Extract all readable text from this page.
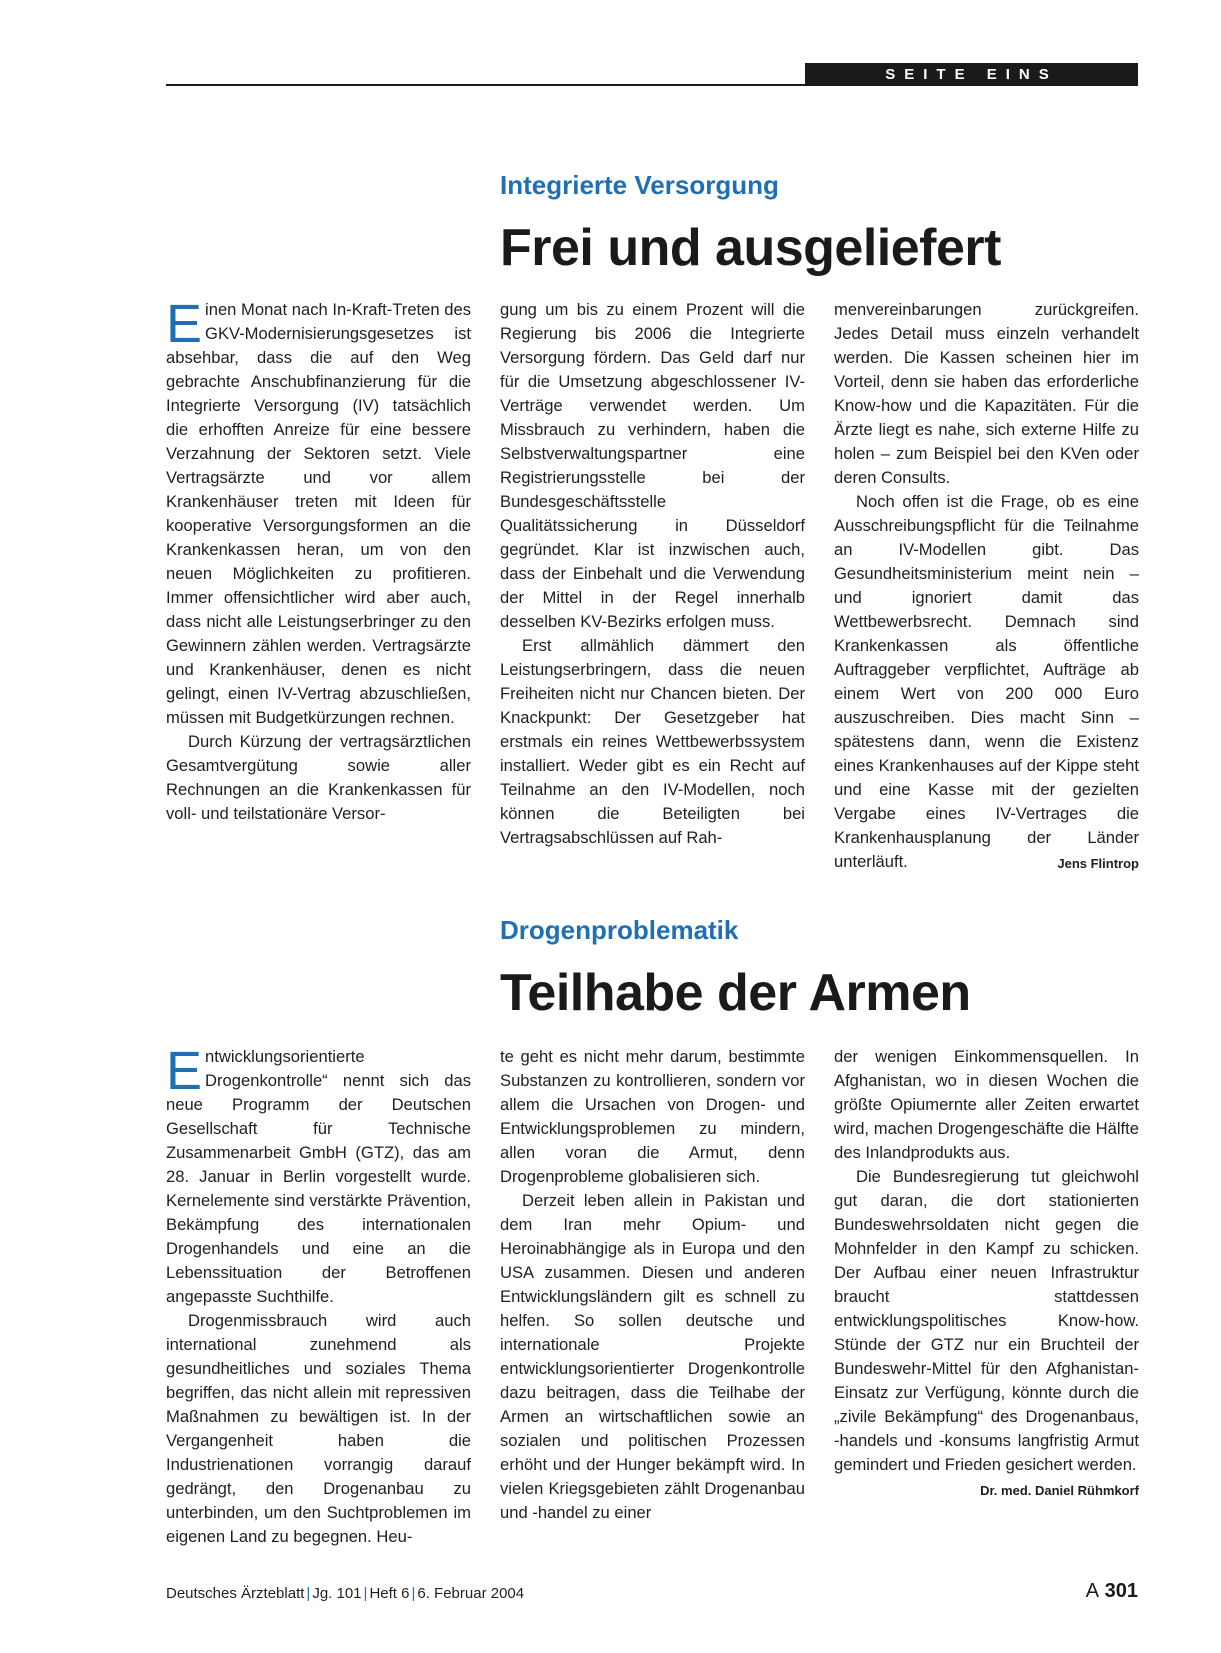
SEITE EINS
Integrierte Versorgung
Frei und ausgeliefert

Einen Monat nach In-Kraft-Treten des GKV-Modernisierungsgesetzes ist absehbar, dass die auf den Weg gebrachte Anschubfinanzierung für die Integrierte Versorgung (IV) tatsächlich die erhofften Anreize für eine bessere Verzahnung der Sektoren setzt. Viele Vertragsärzte und vor allem Krankenhäuser treten mit Ideen für kooperative Versorgungsformen an die Krankenkassen heran, um von den neuen Möglichkeiten zu profitieren. Immer offensichtlicher wird aber auch, dass nicht alle Leistungserbringer zu den Gewinnern zählen werden. Vertragsärzte und Krankenhäuser, denen es nicht gelingt, einen IV-Vertrag abzuschließen, müssen mit Budgetkürzungen rechnen.

Durch Kürzung der vertragsärztlichen Gesamtvergütung sowie aller Rechnungen an die Krankenkassen für voll- und teilstationäre Versor-

gung um bis zu einem Prozent will die Regierung bis 2006 die Integrierte Versorgung fördern. Das Geld darf nur für die Umsetzung abgeschlossener IV-Verträge verwendet werden. Um Missbrauch zu verhindern, haben die Selbstverwaltungspartner eine Registrierungsstelle bei der Bundesgeschäftsstelle Qualitätssicherung in Düsseldorf gegründet. Klar ist inzwischen auch, dass der Einbehalt und die Verwendung der Mittel in der Regel innerhalb desselben KV-Bezirks erfolgen muss.

Erst allmählich dämmert den Leistungserbringern, dass die neuen Freiheiten nicht nur Chancen bieten. Der Knackpunkt: Der Gesetzgeber hat erstmals ein reines Wettbewerbssystem installiert. Weder gibt es ein Recht auf Teilnahme an den IV-Modellen, noch können die Beteiligten bei Vertragsabschlüssen auf Rah-

menvereinbarungen zurückgreifen. Jedes Detail muss einzeln verhandelt werden. Die Kassen scheinen hier im Vorteil, denn sie haben das erforderliche Know-how und die Kapazitäten. Für die Ärzte liegt es nahe, sich externe Hilfe zu holen – zum Beispiel bei den KVen oder deren Consults.

Noch offen ist die Frage, ob es eine Ausschreibungspflicht für die Teilnahme an IV-Modellen gibt. Das Gesundheitsministerium meint nein – und ignoriert damit das Wettbewerbsrecht. Demnach sind Krankenkassen als öffentliche Auftraggeber verpflichtet, Aufträge ab einem Wert von 200 000 Euro auszuschreiben. Dies macht Sinn – spätestens dann, wenn die Existenz eines Krankenhauses auf der Kippe steht und eine Kasse mit der gezielten Vergabe eines IV-Vertrages die Krankenhausplanung der Länder unterläuft.	Jens Flintrop

Drogenproblematik
Teilhabe der Armen

Entwicklungsorientierte Drogenkontrolle“ nennt sich das neue Programm der Deutschen Gesellschaft für Technische Zusammenarbeit GmbH (GTZ), das am 28. Januar in Berlin vorgestellt wurde. Kernelemente sind verstärkte Prävention, Bekämpfung des internationalen Drogenhandels und eine an die Lebenssituation der Betroffenen angepasste Suchthilfe.

Drogenmissbrauch wird auch international zunehmend als gesundheitliches und soziales Thema begriffen, das nicht allein mit repressiven Maßnahmen zu bewältigen ist. In der Vergangenheit haben die Industrienationen vorrangig darauf gedrängt, den Drogenanbau zu unterbinden, um den Suchtproblemen im eigenen Land zu begegnen. Heu-

te geht es nicht mehr darum, bestimmte Substanzen zu kontrollieren, sondern vor allem die Ursachen von Drogen- und Entwicklungsproblemen zu mindern, allen voran die Armut, denn Drogenprobleme globalisieren sich.

Derzeit leben allein in Pakistan und dem Iran mehr Opium- und Heroinabhängige als in Europa und den USA zusammen. Diesen und anderen Entwicklungsländern gilt es schnell zu helfen. So sollen deutsche und internationale Projekte entwicklungsorientierter Drogenkontrolle dazu beitragen, dass die Teilhabe der Armen an wirtschaftlichen sowie an sozialen und politischen Prozessen erhöht und der Hunger bekämpft wird. In vielen Kriegsgebieten zählt Drogenanbau und -handel zu einer

der wenigen Einkommensquellen. In Afghanistan, wo in diesen Wochen die größte Opiumernte aller Zeiten erwartet wird, machen Drogengeschäfte die Hälfte des Inlandprodukts aus.

Die Bundesregierung tut gleichwohl gut daran, die dort stationierten Bundeswehrsoldaten nicht gegen die Mohnfelder in den Kampf zu schicken. Der Aufbau einer neuen Infrastruktur braucht stattdessen entwicklungspolitisches Know-how. Stünde der GTZ nur ein Bruchteil der Bundeswehr-Mittel für den Afghanistan-Einsatz zur Verfügung, könnte durch die „zivile Bekämpfung“ des Drogenanbaus, -handels und -konsums langfristig Armut gemindert und Frieden gesichert werden.
Dr. med. Daniel Rühmkorf

Deutsches Ärzteblatt | Jg. 101 | Heft 6 | 6. Februar 2004	A 301
